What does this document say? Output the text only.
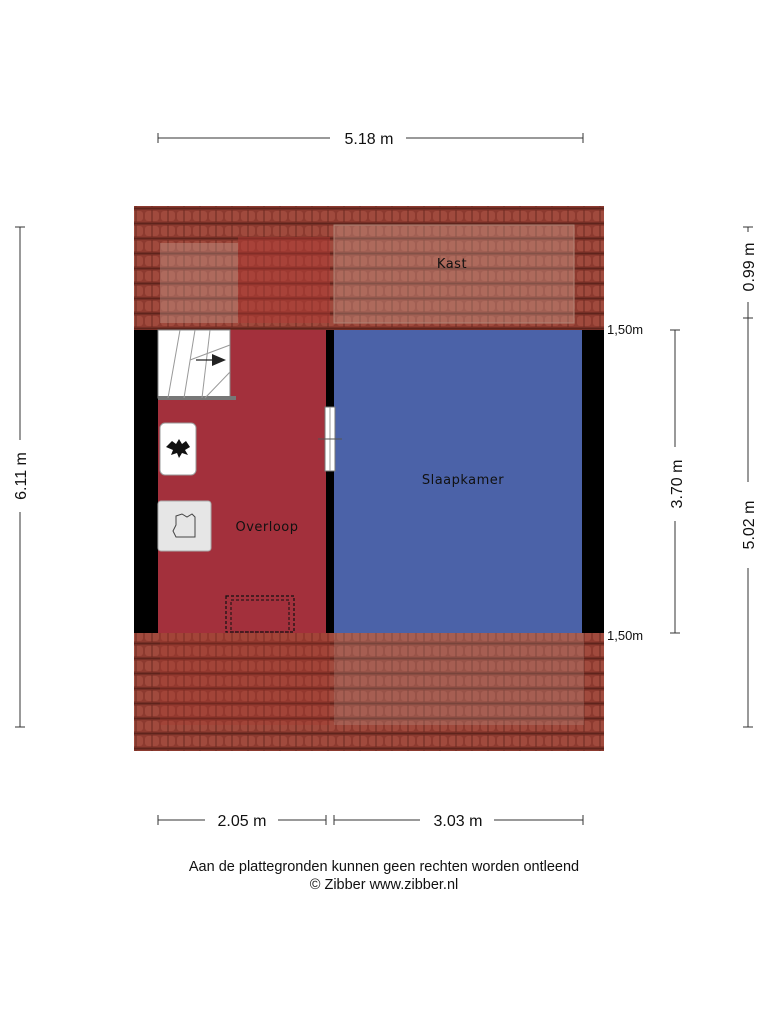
5.18 m
6.11 m
Kast
Slaapkamer
Overloop
3.70 m
1,50m
1,50m
0.99 m
5.02 m
2.05 m	3.03 m
Aan de plattegronden kunnen geen rechten worden ontleend
© Zibber www.zibber.nl
